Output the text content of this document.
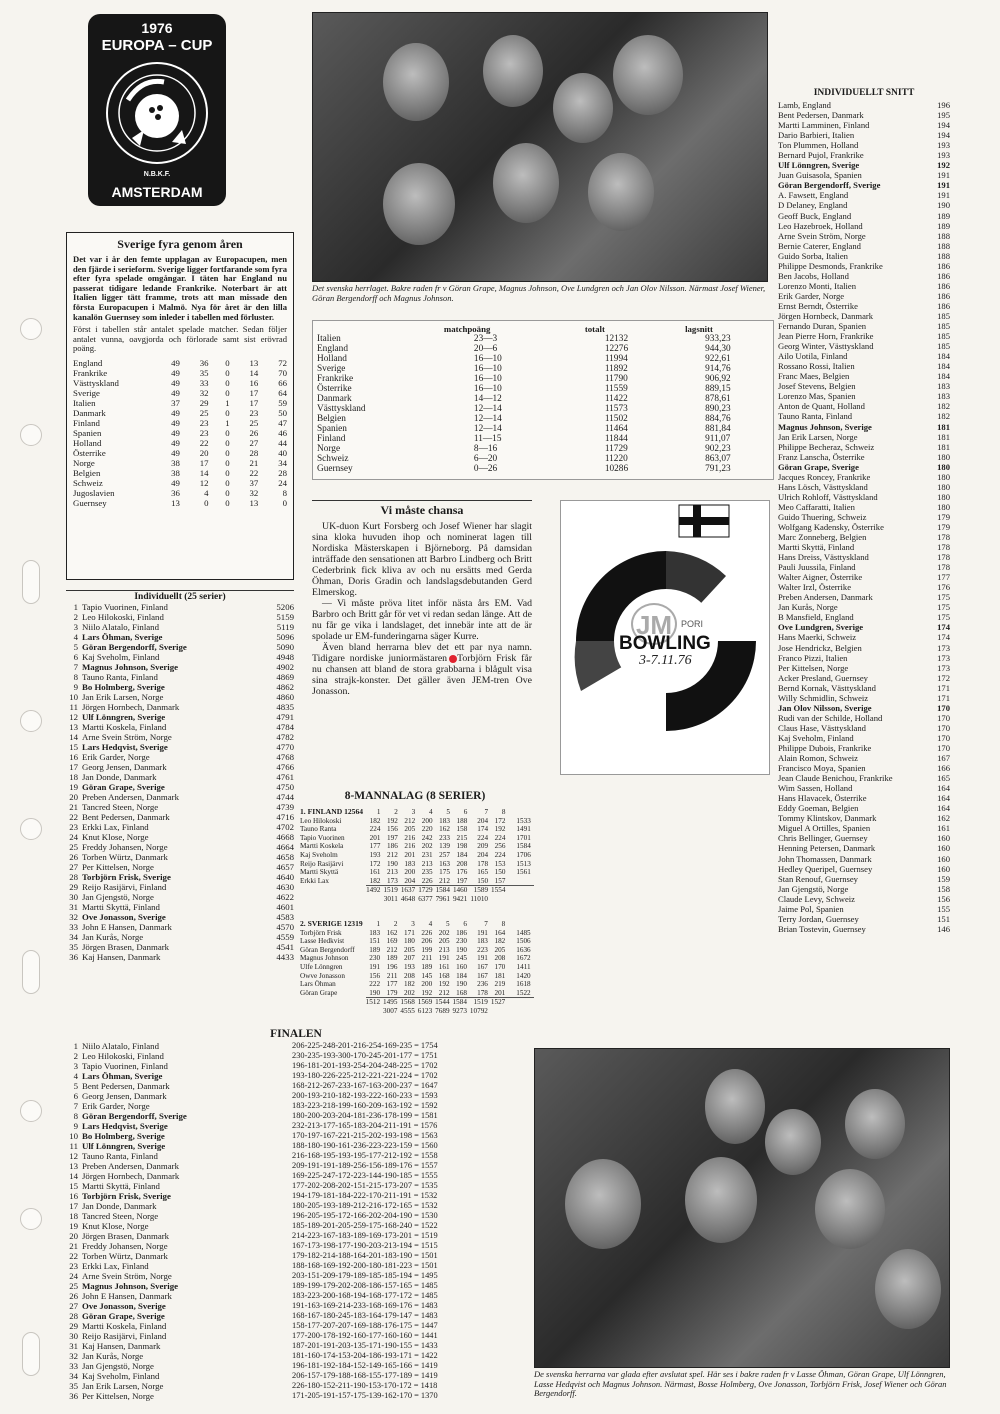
1976
EUROPA – CUP
N.B.K.F.
AMSTERDAM
Det svenska herrlaget. Bakre raden fr v Göran Grape, Magnus Johnson, Ove Lundgren och Jan Olov Nilsson. Närmast Josef Wiener, Göran Bergendorff och Magnus Johnson.
Sverige fyra genom åren
Det var i år den femte upplagan av Europacupen, men den fjärde i serieform. Sverige ligger fortfarande som fyra efter fyra spelade omgångar. I täten har England nu passerat tidigare ledande Frankrike. Noterbart är att Italien ligger tätt framme, trots att man missade den första Europacupen i Malmö. Nya för året är den lilla kanalön Guernsey som inleder i tabellen med förluster.
Först i tabellen står antalet spelade matcher. Sedan följer antalet vunna, oavgjorda och förlorade samt sist erövrad poäng.
England	49	36	0	13	72
Frankrike	49	35	0	14	70
Västtyskland	49	33	0	16	66
Sverige	49	32	0	17	64
Italien	37	29	1	17	59
Danmark	49	25	0	23	50
Finland	49	23	1	25	47
Spanien	49	23	0	26	46
Holland	49	22	0	27	44
Österrike	49	20	0	28	40
Norge	38	17	0	21	34
Belgien	38	14	0	22	28
Schweiz	49	12	0	37	24
Jugoslavien	36	4	0	32	8
Guernsey	13	0	0	13	0
	matchpoäng	totalt	lagsnitt
Italien	23—3	12132	933,23
England	20—6	12276	944,30
Holland	16—10	11994	922,61
Sverige	16—10	11892	914,76
Frankrike	16—10	11790	906,92
Österrike	16—10	11559	889,15
Danmark	14—12	11422	878,61
Västtyskland	12—14	11573	890,23
Belgien	12—14	11502	884,76
Spanien	12—14	11464	881,84
Finland	11—15	11844	911,07
Norge	8—16	11729	902,23
Schweiz	6—20	11220	863,07
Guernsey	0—26	10286	791,23
Vi måste chansa
UK-duon Kurt Forsberg och Josef Wiener har slagit sina kloka huvuden ihop och nominerat lagen till Nordiska Mästerskapen i Björneborg. På damsidan inträffade den sensationen att Barbro Lindberg och Britt Cederbrink fick kliva av och nu ersätts med Gerda Öhman, Doris Gradin och landslagsdebutanden Gerd Elmerskog.
— Vi måste pröva litet inför nästa års EM. Vad Barbro och Britt går för vet vi redan sedan länge. Att de nu får ge vika i landslaget, det innebär inte att de är spolade ur EM-funderingarna säger Kurre.
Även bland herrarna blev det ett par nya namn. Tidigare nordiske juniormästaren Torbjörn Frisk får nu chansen att bland de stora grabbarna i blågult visa sina strajk-konster. Det gäller även JEM-tren Ove Jonasson.
JM PORI
BOWLING
3-7.11.76
Individuellt (25 serier)
1	Tapio Vuorinen, Finland	5206
2	Leo Hilokoski, Finland	5159
3	Niilo Alatalo, Finland	5119
4	Lars Öhman, Sverige	5096
5	Göran Bergendorff, Sverige	5090
6	Kaj Sveholm, Finland	4948
7	Magnus Johnson, Sverige	4902
8	Tauno Ranta, Finland	4869
9	Bo Holmberg, Sverige	4862
10	Jan Erik Larsen, Norge	4860
11	Jörgen Hornbech, Danmark	4835
12	Ulf Lönngren, Sverige	4791
13	Martti Koskela, Finland	4784
14	Arne Svein Ström, Norge	4782
15	Lars Hedqvist, Sverige	4770
16	Erik Garder, Norge	4768
17	Georg Jensen, Danmark	4766
18	Jan Donde, Danmark	4761
19	Göran Grape, Sverige	4750
20	Preben Andersen, Danmark	4744
21	Tancred Steen, Norge	4739
22	Bent Pedersen, Danmark	4716
23	Erkki Lax, Finland	4702
24	Knut Klose, Norge	4668
25	Freddy Johansen, Norge	4664
26	Torben Würtz, Danmark	4658
27	Per Kittelsen, Norge	4657
28	Torbjörn Frisk, Sverige	4640
29	Reijo Rasijärvi, Finland	4630
30	Jan Gjengstö, Norge	4622
31	Martti Skyttä, Finland	4601
32	Ove Jonasson, Sverige	4583
33	John E Hansen, Danmark	4570
34	Jan Kurås, Norge	4559
35	Jörgen Brasen, Danmark	4541
36	Kaj Hansen, Danmark	4433
8-MANNALAG (8 SERIER)
1. FINLAND 12564	1	2	3	4	5	6	7	8	
Leo Hilokoski	182	192	212	200	183	188	204	172	1533
Tauno Ranta	224	156	205	220	162	158	174	192	1491
Tapio Vuorinen	201	197	216	242	233	215	224	224	1701
Martti Koskela	177	186	216	202	139	198	209	256	1584
Kaj Sveholm	193	212	201	231	257	184	204	224	1706
Reijo Rasijärvi	172	190	183	213	163	208	178	153	1513
Martti Skyttä	161	213	200	235	175	176	165	150	1561
Erkki Lax	182	173	204	226	212	197	150	157	
	1492	1519	1637	1729	1584	1460	1589	1554	
		3011	4648	6377	7961	9421	11010		
2. SVERIGE 12319	1	2	3	4	5	6	7	8	
Torbjörn Frisk	183	162	171	226	202	186	191	164	1485
Lasse Hedkvist	151	169	180	206	205	230	183	182	1506
Göran Bergendorff	189	212	205	199	213	190	223	205	1636
Magnus Johnson	230	189	207	211	191	245	191	208	1672
Ulfe Lönngren	191	196	193	189	161	160	167	170	1411
Owve Jonasson	156	211	208	145	168	184	167	181	1420
Lars Öhman	222	177	182	200	192	190	236	219	1618
Göran Grape	190	179	202	192	212	168	178	201	1522
	1512	1495	1568	1569	1544	1584	1519	1527	
		3007	4555	6123	7689	9273	10792		
FINALEN
1	Niilo Alatalo, Finland	206-225-248-201-216-254-169-235 = 1754
2	Leo Hilokoski, Finland	230-235-193-300-170-245-201-177 = 1751
3	Tapio Vuorinen, Finland	196-181-201-193-254-204-248-225 = 1702
4	Lars Öhman, Sverige	193-180-226-225-212-221-221-224 = 1702
5	Bent Pedersen, Danmark	168-212-267-233-167-163-200-237 = 1647
6	Georg Jensen, Danmark	200-193-210-182-193-222-160-233 = 1593
7	Erik Garder, Norge	183-223-218-199-160-209-163-192 = 1592
8	Göran Bergendorff, Sverige	180-200-203-204-181-236-178-199 = 1581
9	Lars Hedqvist, Sverige	232-213-177-165-183-204-211-191 = 1576
10	Bo Holmberg, Sverige	170-197-167-221-215-202-193-198 = 1563
11	Ulf Lönngren, Sverige	188-180-190-161-236-223-223-159 = 1560
12	Tauno Ranta, Finland	216-168-195-193-195-177-212-192 = 1558
13	Preben Andersen, Danmark	209-191-191-189-256-156-189-176 = 1557
14	Jörgen Hornbech, Danmark	169-225-247-172-223-144-190-185 = 1555
15	Martti Skyttä, Finland	177-202-208-202-151-215-173-207 = 1535
16	Torbjörn Frisk, Sverige	194-179-181-184-222-170-211-191 = 1532
17	Jan Donde, Danmark	180-205-193-189-212-216-172-165 = 1532
18	Tancred Steen, Norge	196-205-195-172-166-202-204-190 = 1530
19	Knut Klose, Norge	185-189-201-205-259-175-168-240 = 1522
20	Jörgen Brasen, Danmark	214-223-167-183-189-169-173-201 = 1519
21	Freddy Johansen, Norge	167-173-198-177-190-203-213-194 = 1515
22	Torben Würtz, Danmark	179-182-214-188-164-201-183-190 = 1501
23	Erkki Lax, Finland	188-168-169-192-200-180-181-223 = 1501
24	Arne Svein Ström, Norge	203-151-209-179-189-185-185-194 = 1495
25	Magnus Johnson, Sverige	189-199-179-202-208-186-157-165 = 1485
26	John E Hansen, Danmark	183-223-200-168-194-168-177-172 = 1485
27	Ove Jonasson, Sverige	191-163-169-214-233-168-169-176 = 1483
28	Göran Grape, Sverige	168-167-180-245-183-164-179-147 = 1483
29	Martti Koskela, Finland	158-177-207-207-169-188-176-175 = 1447
30	Reijo Rasijärvi, Finland	177-200-178-192-160-177-160-160 = 1441
31	Kaj Hansen, Danmark	187-201-191-203-135-171-190-155 = 1433
32	Jan Kurås, Norge	181-160-174-153-204-186-193-171 = 1422
33	Jan Gjengstö, Norge	196-181-192-184-152-149-165-166 = 1419
34	Kaj Sveholm, Finland	206-157-179-188-168-155-177-189 = 1419
35	Jan Erik Larsen, Norge	226-180-152-211-190-153-170-172 = 1418
36	Per Kittelsen, Norge	171-205-191-157-175-139-162-170 = 1370
INDIVIDUELLT SNITT
Lamb, England	196
Bent Pedersen, Danmark	195
Martti Lamminen, Finland	194
Dario Barbieri, Italien	194
Ton Plummen, Holland	193
Bernard Pujol, Frankrike	193
Ulf Lönngren, Sverige	192
Juan Guisasola, Spanien	191
Göran Bergendorff, Sverige	191
A. Fawsett, England	191
D Delaney, England	190
Geoff Buck, England	189
Leo Hazebroek, Holland	189
Arne Svein Ström, Norge	188
Bernie Caterer, England	188
Guido Sorba, Italien	188
Philippe Desmonds, Frankrike	186
Ben Jacobs, Holland	186
Lorenzo Monti, Italien	186
Erik Garder, Norge	186
Ernst Berndt, Österrike	186
Jörgen Hornbeck, Danmark	185
Fernando Duran, Spanien	185
Jean Pierre Horn, Frankrike	185
Georg Winter, Västtyskland	185
Ailo Uotila, Finland	184
Rossano Rossi, Italien	184
Franc Maes, Belgien	184
Josef Stevens, Belgien	183
Lorenzo Mas, Spanien	183
Anton de Quant, Holland	182
Tauno Ranta, Finland	182
Magnus Johnson, Sverige	181
Jan Erik Larsen, Norge	181
Philippe Becheraz, Schweiz	181
Franz Lanscha, Österrike	180
Göran Grape, Sverige	180
Jacques Roncey, Frankrike	180
Hans Lösch, Västtyskland	180
Ulrich Rohloff, Västtyskland	180
Meo Caffaratti, Italien	180
Guido Thuering, Schweiz	179
Wolfgang Kadensky, Österrike	179
Marc Zonneberg, Belgien	178
Martti Skyttä, Finland	178
Hans Dreiss, Västtyskland	178
Pauli Juussila, Finland	178
Walter Aigner, Österrike	177
Walter Irzl, Österrike	176
Preben Andersen, Danmark	175
Jan Kurås, Norge	175
B Mansfield, England	175
Ove Lundgren, Sverige	174
Hans Maerki, Schweiz	174
Jose Hendrickz, Belgien	173
Franco Pizzi, Italien	173
Per Kittelsen, Norge	173
Acker Presland, Guernsey	172
Bernd Kornak, Västtyskland	171
Willy Schmidlin, Schweiz	171
Jan Olov Nilsson, Sverige	170
Rudi van der Schilde, Holland	170
Claus Hase, Västtyskland	170
Kaj Sveholm, Finland	170
Philippe Dubois, Frankrike	170
Alain Romon, Schweiz	167
Francisco Moya, Spanien	166
Jean Claude Benichou, Frankrike	165
Wim Sassen, Holland	164
Hans Hlavacek, Österrike	164
Eddy Goeman, Belgien	164
Tommy Klintskov, Danmark	162
Miguel A Ortilles, Spanien	161
Chris Bellinger, Guernsey	160
Henning Petersen, Danmark	160
John Thomassen, Danmark	160
Hedley Queripel, Guernsey	160
Stan Renouf, Guernsey	159
Jan Gjengstö, Norge	158
Claude Levy, Schweiz	156
Jaime Pol, Spanien	155
Terry Jordan, Guernsey	151
Brian Tostevin, Guernsey	146
De svenska herrarna var glada efter avslutat spel. Här ses i bakre raden fr v Lasse Öhman, Göran Grape, Ulf Lönngren, Lasse Hedqvist och Magnus Johnson. Närmast, Bosse Holmberg, Ove Jonasson, Torbjörn Frisk, Josef Wiener och Göran Bergendorff.
